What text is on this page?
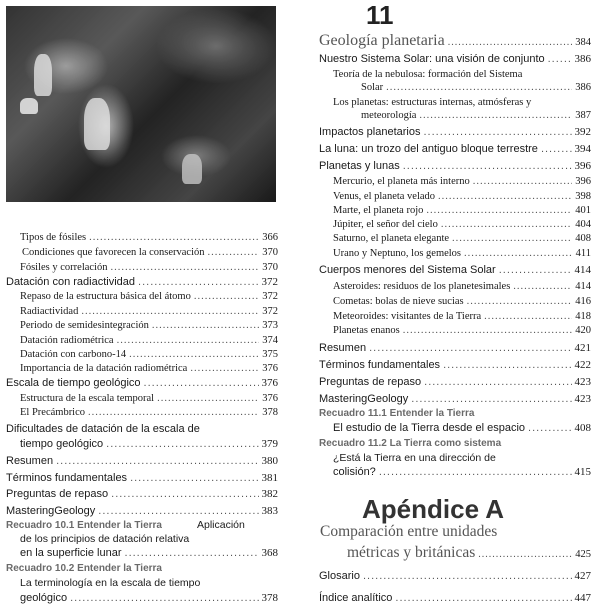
Tipos de fósiles .....	366
Condiciones que favorecen la conservación .....	370
Fósiles y correlación .....	370
Datación con radiactividad .....	372
Repaso de la estructura básica del átomo .....	372
Radiactividad .....	372
Periodo de semidesintegración .....	373
Datación radiométrica .....	374
Datación con carbono-14 .....	375
Importancia de la datación radiométrica .....	376
Escala de tiempo geológico .....	376
Estructura de la escala temporal .....	376
El Precámbrico .....	378
Dificultades de datación de la escala de
tiempo geológico .....	379
Resumen .....	380
Términos fundamentales .....	381
Preguntas de repaso .....	382
MasteringGeology .....	383
Recuadro 10.1 Entender la Tierra	Aplicación
de los principios de datación relativa
en la superficie lunar .....	368
Recuadro 10.2 Entender la Tierra
La terminología en la escala de tiempo
geológico .....	378
11
Geología planetaria .....	384
Nuestro Sistema Solar: una visión de conjunto .....	386
Teoría de la nebulosa: formación del Sistema
Solar .....	386
Los planetas: estructuras internas, atmósferas y
meteorología .....	387
Impactos planetarios .....	392
La luna: un trozo del antiguo bloque terrestre .....	394
Planetas y lunas .....	396
Mercurio, el planeta más interno .....	396
Venus, el planeta velado .....	398
Marte, el planeta rojo .....	401
Júpiter, el señor del cielo .....	404
Saturno, el planeta elegante .....	408
Urano y Neptuno, los gemelos .....	411
Cuerpos menores del Sistema Solar .....	414
Asteroides: residuos de los planetesimales .....	414
Cometas: bolas de nieve sucias .....	416
Meteoroides: visitantes de la Tierra .....	418
Planetas enanos .....	420
Resumen .....	421
Términos fundamentales .....	422
Preguntas de repaso .....	423
MasteringGeology .....	423
Recuadro 11.1 Entender la Tierra
El estudio de la Tierra desde el espacio .....	408
Recuadro 11.2 La Tierra como sistema
¿Está la Tierra en una dirección de
colisión? .....	415
Apéndice A
Comparación entre unidades
métricas y británicas .....	425
Glosario .....	427
Índice analítico .....	447
